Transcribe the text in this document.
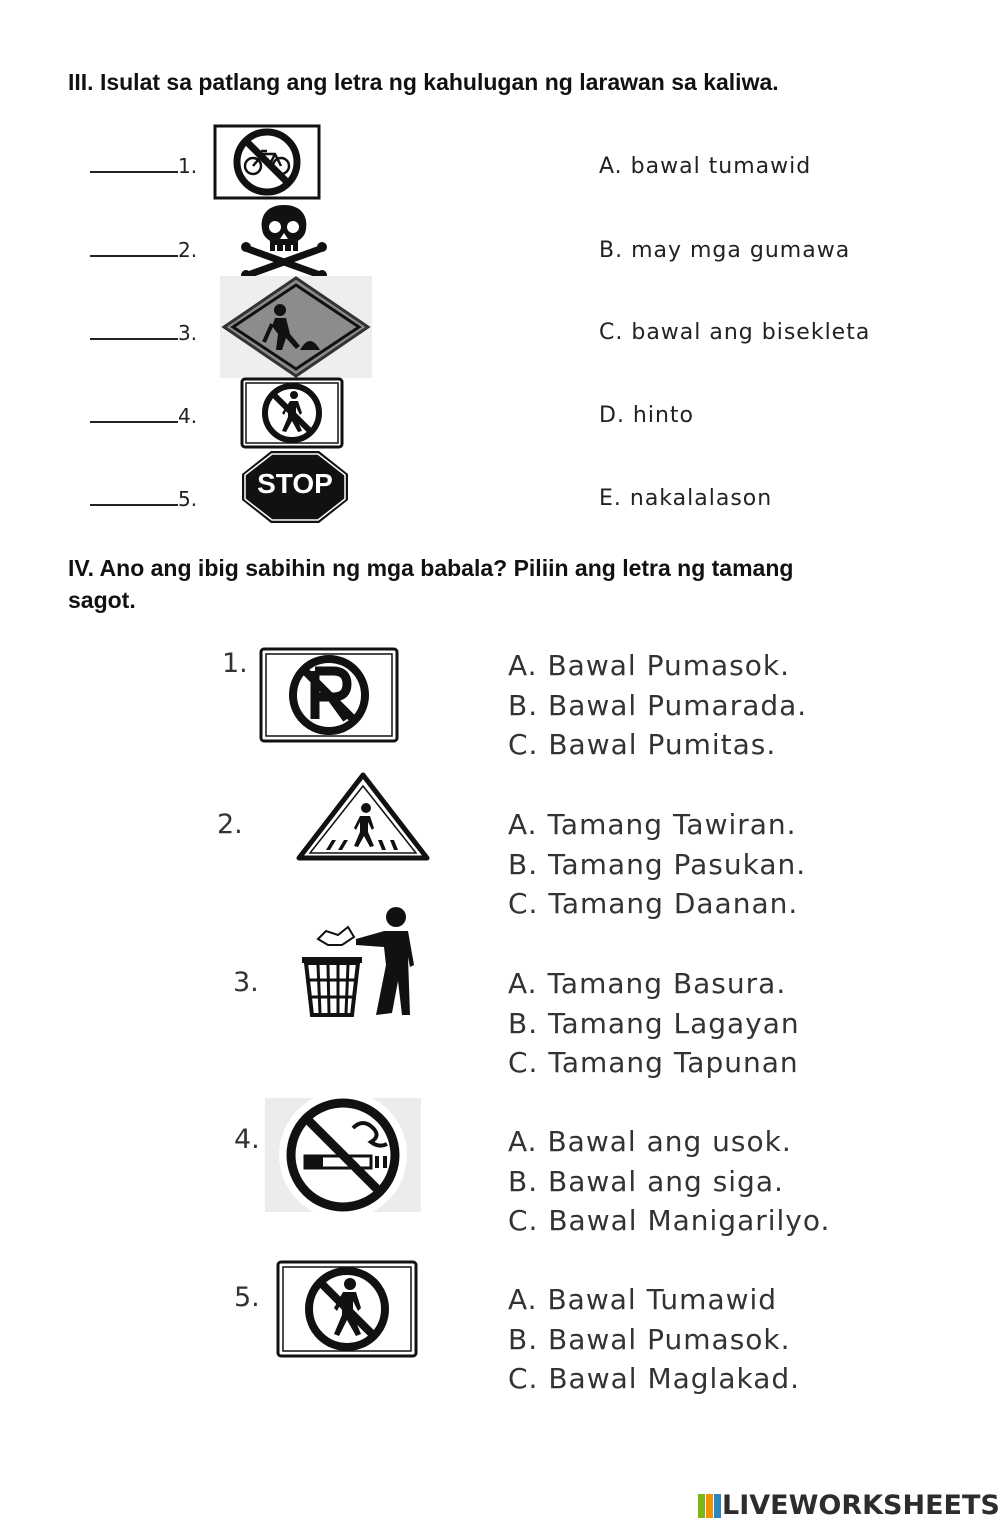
III. Isulat sa patlang ang letra ng kahulugan ng larawan sa kaliwa.
1.
2.
3.
4.
5.	STOP
A. bawal tumawid
B. may mga gumawa
C. bawal ang bisekleta
D. hinto
E. nakalalason
IV. Ano ang ibig sabihin ng mga babala? Piliin ang letra ng tamang
sagot.
1.	A. Bawal Pumasok.
B. Bawal Pumarada.
C. Bawal Pumitas.
2.	A. Tamang Tawiran.
B. Tamang Pasukan.
C. Tamang Daanan.
3.	A. Tamang Basura.
B. Tamang Lagayan
C. Tamang Tapunan
4.	A. Bawal ang usok.
B. Bawal ang siga.
C. Bawal Manigarilyo.
5.	A. Bawal Tumawid
B. Bawal Pumasok.
C. Bawal Maglakad.
LIVEWORKSHEETS
